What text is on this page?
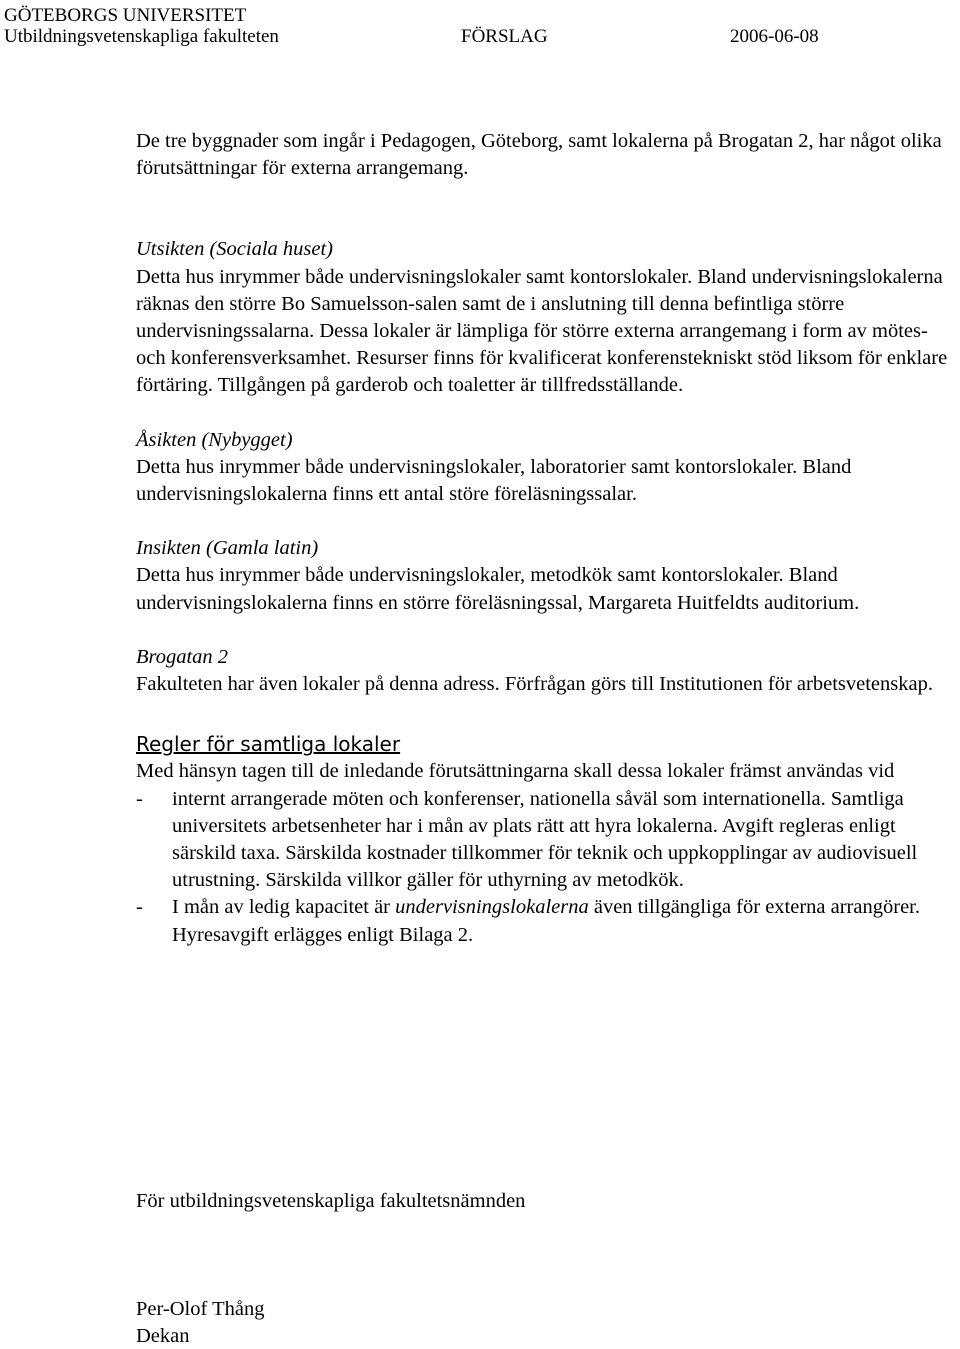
GÖTEBORGS UNIVERSITET
Utbildningsvetenskapliga fakulteten	FÖRSLAG	2006-06-08

De tre byggnader som ingår i Pedagogen, Göteborg, samt lokalerna på Brogatan 2, har något olika förutsättningar för externa arrangemang.

Utsikten (Sociala huset)
Detta hus inrymmer både undervisningslokaler samt kontorslokaler. Bland undervisningslokalerna räknas den större Bo Samuelsson-salen samt de i anslutning till denna befintliga större undervisningssalarna. Dessa lokaler är lämpliga för större externa arrangemang i form av mötes- och konferensverksamhet. Resurser finns för kvalificerat konferenstekniskt stöd liksom för enklare förtäring. Tillgången på garderob och toaletter är tillfredsställande.
Åsikten (Nybygget)
Detta hus inrymmer både undervisningslokaler, laboratorier samt kontorslokaler. Bland undervisningslokalerna finns ett antal störe föreläsningssalar.
Insikten (Gamla latin)
Detta hus inrymmer både undervisningslokaler, metodkök samt kontorslokaler. Bland undervisningslokalerna finns en större föreläsningssal, Margareta Huitfeldts auditorium.
Brogatan 2
Fakulteten har även lokaler på denna adress. Förfrågan görs till Institutionen för arbetsvetenskap.
Regler för samtliga lokaler
Med hänsyn tagen till de inledande förutsättningarna skall dessa lokaler främst användas vid
- internt arrangerade möten och konferenser, nationella såväl som internationella. Samtliga universitets arbetsenheter har i mån av plats rätt att hyra lokalerna. Avgift regleras enligt särskild taxa. Särskilda kostnader tillkommer för teknik och uppkopplingar av audiovisuell utrustning. Särskilda villkor gäller för uthyrning av metodkök.
- I mån av ledig kapacitet är undervisningslokalerna även tillgängliga för externa arrangörer. Hyresavgift erlägges enligt Bilaga 2.
För utbildningsvetenskapliga fakultetsnämnden
Per-Olof Thång
Dekan
